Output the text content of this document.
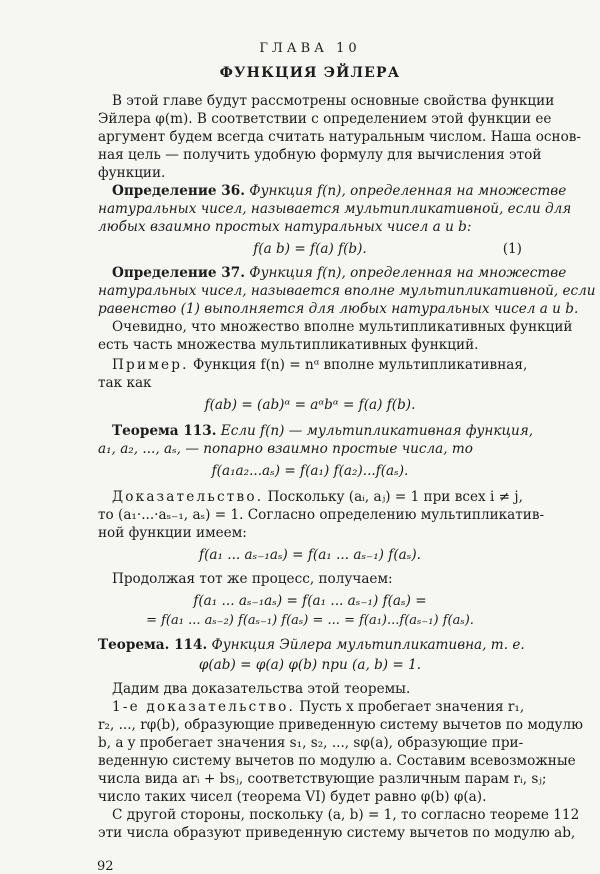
ГЛАВА 10

ФУНКЦИЯ ЭЙЛЕРА

В этой главе будут рассмотрены основные свойства функции

Эйлера φ(m). В соответствии с определением этой функции ее

аргумент будем всегда считать натуральным числом. Наша основ-

ная цель — получить удобную формулу для вычисления этой

функции.

Определение 36. Функция f(n), определенная на множестве

натуральных чисел, называется мультипликативной, если для

любых взаимно простых натуральных чисел a и b:

f(a b) = f(a) f(b).	(1)

Определение 37. Функция f(n), определенная на множестве

натуральных чисел, называется вполне мультипликативной, если

равенство (1) выполняется для любых натуральных чисел a и b.

Очевидно, что множество вполне мультипликативных функций

есть часть множества мультипликативных функций.

Пример. Функция f(n) = nᵅ вполне мультипликативная,

так как

f(ab) = (ab)ᵅ = aᵅbᵅ = f(a) f(b).

Теорема 113. Если f(n) — мультипликативная функция,

a₁, a₂, ..., aₛ, — попарно взаимно простые числа, то

f(a₁a₂...aₛ) = f(a₁) f(a₂)...f(aₛ).

Доказательство. Поскольку (aᵢ, aⱼ) = 1 при всех i ≠ j,

то (a₁·...·aₛ₋₁, aₛ) = 1. Согласно определению мультипликатив-

ной функции имеем:

f(a₁ ... aₛ₋₁aₛ) = f(a₁ ... aₛ₋₁) f(aₛ).

Продолжая тот же процесс, получаем:

f(a₁ ... aₛ₋₁aₛ) = f(a₁ ... aₛ₋₁) f(aₛ) =

= f(a₁ ... aₛ₋₂) f(aₛ₋₁) f(aₛ) = ... = f(a₁)...f(aₛ₋₁) f(aₛ).

Теорема. 114. Функция Эйлера мультипликативна, т. е.

φ(ab) = φ(a) φ(b) при (a, b) = 1.

Дадим два доказательства этой теоремы.

1-е доказательство. Пусть x пробегает значения r₁,

r₂, ..., rφ(b), образующие приведенную систему вычетов по модулю

b, а y пробегает значения s₁, s₂, ..., sφ(a), образующие при-

веденную систему вычетов по модулю a. Составим всевозможные

числа вида arᵢ + bsⱼ, соответствующие различным парам rᵢ, sⱼ;

число таких чисел (теорема VI) будет равно φ(b) φ(a).

С другой стороны, поскольку (a, b) = 1, то согласно теореме 112

эти числа образуют приведенную систему вычетов по модулю ab,

92
